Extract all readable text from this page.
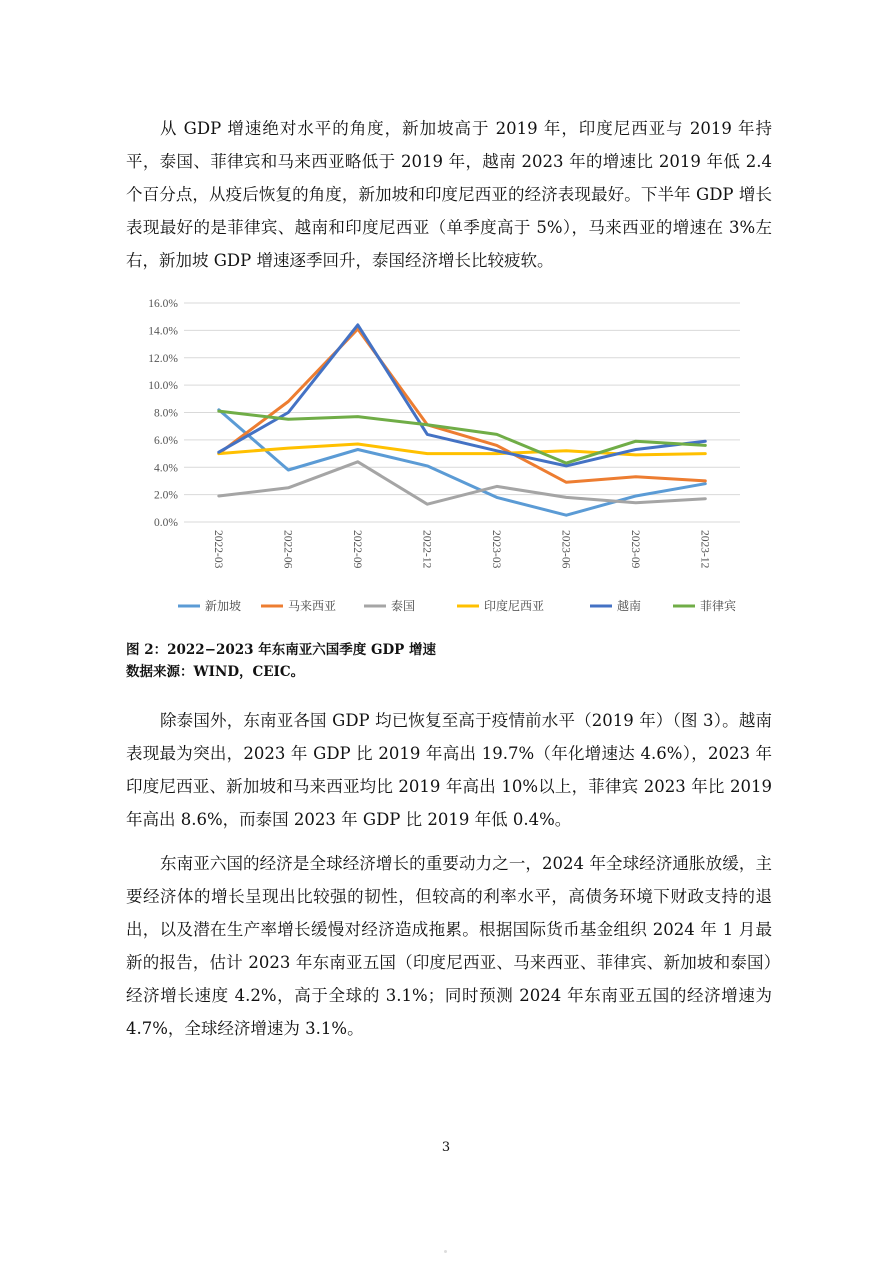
从 GDP 增速绝对水平的角度，新加坡高于 2019 年，印度尼西亚与 2019 年持平，泰国、菲律宾和马来西亚略低于 2019 年，越南 2023 年的增速比 2019 年低 2.4 个百分点，从疫后恢复的角度，新加坡和印度尼西亚的经济表现最好。下半年 GDP 增长表现最好的是菲律宾、越南和印度尼西亚（单季度高于 5%），马来西亚的增速在 3%左右，新加坡 GDP 增速逐季回升，泰国经济增长比较疲软。

0.0%
2.0%
4.0%
6.0%
8.0%
10.0%
12.0%
14.0%
16.0%
2022-03	2022-06	2022-09	2022-12	2023-03	2023-06	2023-09	2023-12
新加坡	马来西亚	泰国	印度尼西亚	越南	菲律宾

图 2：2022−2023 年东南亚六国季度 GDP 增速

数据来源：WIND，CEIC。

除泰国外，东南亚各国 GDP 均已恢复至高于疫情前水平（2019 年）（图 3）。越南表现最为突出，2023 年 GDP 比 2019 年高出 19.7%（年化增速达 4.6%），2023 年印度尼西亚、新加坡和马来西亚均比 2019 年高出 10%以上，菲律宾 2023 年比 2019 年高出 8.6%，而泰国 2023 年 GDP 比 2019 年低 0.4%。

东南亚六国的经济是全球经济增长的重要动力之一，2024 年全球经济通胀放缓，主要经济体的增长呈现出比较强的韧性，但较高的利率水平，高债务环境下财政支持的退出，以及潜在生产率增长缓慢对经济造成拖累。根据国际货币基金组织 2024 年 1 月最新的报告，估计 2023 年东南亚五国（印度尼西亚、马来西亚、菲律宾、新加坡和泰国）经济增长速度 4.2%，高于全球的 3.1%；同时预测 2024 年东南亚五国的经济增速为 4.7%，全球经济增速为 3.1%。

3
